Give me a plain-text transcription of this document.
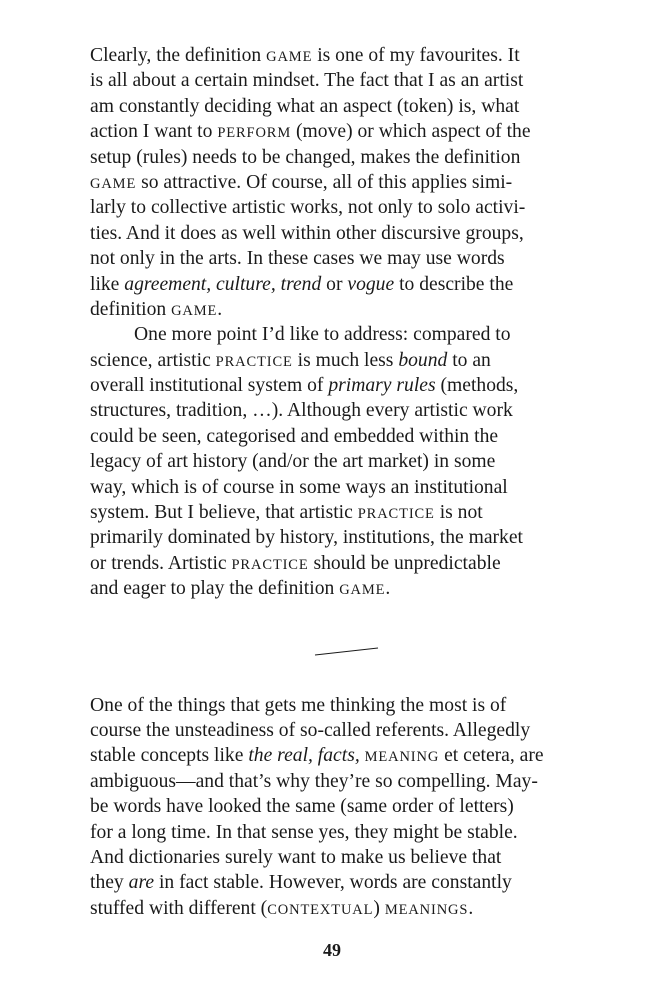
Clearly, the definition GAME is one of my favourites. It
is all about a certain mindset. The fact that I as an artist
am constantly deciding what an aspect (token) is, what
action I want to PERFORM (move) or which aspect of the
setup (rules) needs to be changed, makes the definition
GAME so attractive. Of course, all of this applies simi-
larly to collective artistic works, not only to solo activi-
ties. And it does as well within other discursive groups,
not only in the arts. In these cases we may use words
like agreement, culture, trend or vogue to describe the
definition GAME.
One more point I’d like to address: compared to
science, artistic PRACTICE is much less bound to an
overall institutional system of primary rules (methods,
structures, tradition, …). Although every artistic work
could be seen, categorised and embedded within the
legacy of art history (and/or the art market) in some
way, which is of course in some ways an institutional
system. But I believe, that artistic PRACTICE is not
primarily dominated by history, institutions, the market
or trends. Artistic PRACTICE should be unpredictable
and eager to play the definition GAME.
One of the things that gets me thinking the most is of
course the unsteadiness of so-called referents. Allegedly
stable concepts like the real, facts, MEANING et cetera, are
ambiguous—and that’s why they’re so compelling. May-
be words have looked the same (same order of letters)
for a long time. In that sense yes, they might be stable.
And dictionaries surely want to make us believe that
they are in fact stable. However, words are constantly
stuffed with different (CONTEXTUAL) MEANINGS.
49
